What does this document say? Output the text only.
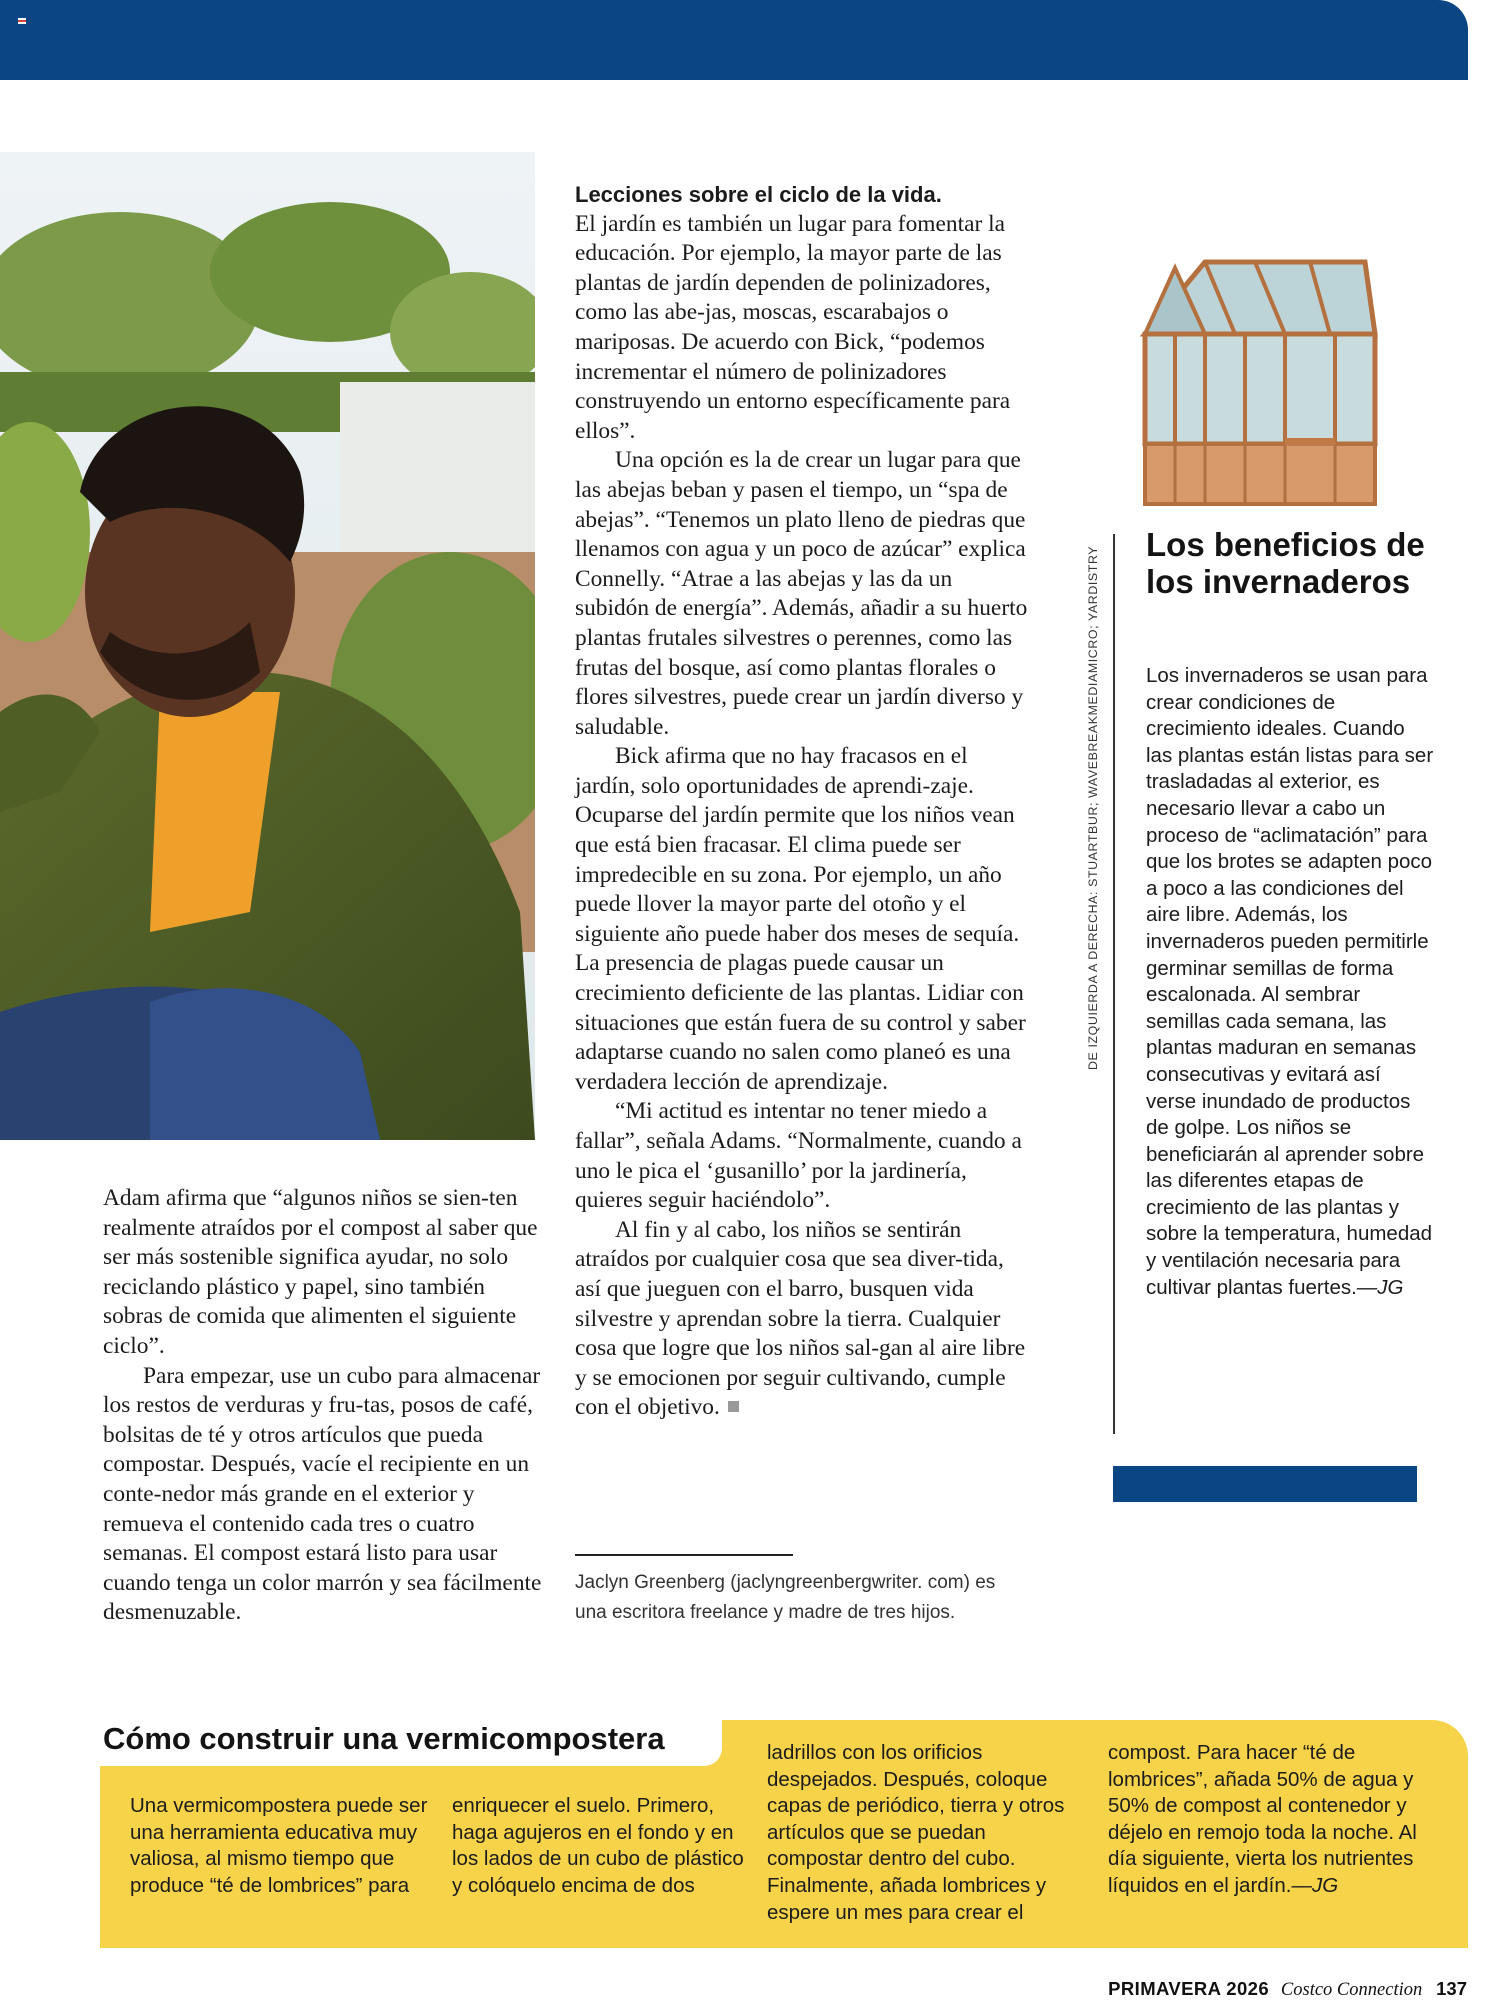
Adam afirma que “algunos niños se sien-ten realmente atraídos por el compost al saber que ser más sostenible significa ayudar, no solo reciclando plástico y papel, sino también sobras de comida que alimenten el siguiente ciclo”.

Para empezar, use un cubo para almacenar los restos de verduras y fru-tas, posos de café, bolsitas de té y otros artículos que pueda compostar. Después, vacíe el recipiente en un conte-nedor más grande en el exterior y remueva el contenido cada tres o cuatro semanas. El compost estará listo para usar cuando tenga un color marrón y sea fácilmente desmenuzable.

Lecciones sobre el ciclo de la vida.

El jardín es también un lugar para fomentar la educación. Por ejemplo, la mayor parte de las plantas de jardín dependen de polinizadores, como las abe-jas, moscas, escarabajos o mariposas. De acuerdo con Bick, “podemos incrementar el número de polinizadores construyendo un entorno específicamente para ellos”.

Una opción es la de crear un lugar para que las abejas beban y pasen el tiempo, un “spa de abejas”. “Tenemos un plato lleno de piedras que llenamos con agua y un poco de azúcar” explica Connelly. “Atrae a las abejas y las da un subidón de energía”. Además, añadir a su huerto plantas frutales silvestres o perennes, como las frutas del bosque, así como plantas florales o flores silvestres, puede crear un jardín diverso y saludable.

Bick afirma que no hay fracasos en el jardín, solo oportunidades de aprendi-zaje. Ocuparse del jardín permite que los niños vean que está bien fracasar. El clima puede ser impredecible en su zona. Por ejemplo, un año puede llover la mayor parte del otoño y el siguiente año puede haber dos meses de sequía.

La presencia de plagas puede causar un crecimiento deficiente de las plantas. Lidiar con situaciones que están fuera de su control y saber adaptarse cuando no salen como planeó es una verdadera lección de aprendizaje.

“Mi actitud es intentar no tener miedo a fallar”, señala Adams. “Normalmente, cuando a uno le pica el ‘gusanillo’ por la jardinería, quieres seguir haciéndolo”.

Al fin y al cabo, los niños se sentirán atraídos por cualquier cosa que sea diver-tida, así que jueguen con el barro, busquen vida silvestre y aprendan sobre la tierra. Cualquier cosa que logre que los niños sal-gan al aire libre y se emocionen por seguir cultivando, cumple con el objetivo.

Jaclyn Greenberg (jaclyngreenbergwriter. com) es una escritora freelance y madre de tres hijos.
DE IZQUIERDA A DERECHA: STUARTBUR; WAVEBREAKMEDIAMICRO; YARDISTRY
Los beneficios de los invernaderos
Los invernaderos se usan para crear condiciones de crecimiento ideales. Cuando las plantas están listas para ser trasladadas al exterior, es necesario llevar a cabo un proceso de “aclimatación” para que los brotes se adapten poco a poco a las condiciones del aire libre. Además, los invernaderos pueden permitirle germinar semillas de forma escalonada. Al sembrar semillas cada semana, las plantas maduran en semanas consecutivas y evitará así verse inundado de productos de golpe. Los niños se beneficiarán al aprender sobre las diferentes etapas de crecimiento de las plantas y sobre la temperatura, humedad y ventilación necesaria para cultivar plantas fuertes.—JG
Cómo construir una vermicompostera
Una vermicompostera puede ser una herramienta educativa muy valiosa, al mismo tiempo que produce “té de lombrices” para
enriquecer el suelo. Primero, haga agujeros en el fondo y en los lados de un cubo de plástico y colóquelo encima de dos
ladrillos con los orificios despejados. Después, coloque capas de periódico, tierra y otros artículos que se puedan compostar dentro del cubo. Finalmente, añada lombrices y espere un mes para crear el
compost. Para hacer “té de lombrices”, añada 50% de agua y 50% de compost al contenedor y déjelo en remojo toda la noche. Al día siguiente, vierta los nutrientes líquidos en el jardín.—JG
PRIMAVERA 2026 Costco Connection 137
